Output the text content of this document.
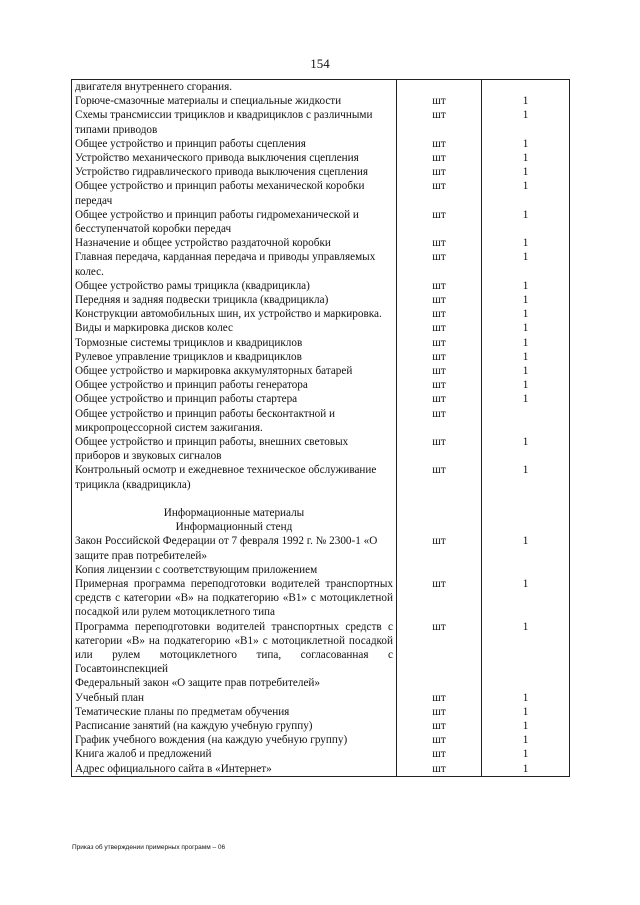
154
двигателя внутреннего сгорания.		
Горюче-смазочные материалы и специальные жидкости	шт	1
Схемы трансмиссии трициклов и квадрициклов с различными типами приводов	шт	1
Общее устройство и принцип работы сцепления	шт	1
Устройство механического привода выключения сцепления	шт	1
Устройство гидравлического привода выключения сцепления	шт	1
Общее устройство и принцип работы механической коробки передач	шт	1
Общее устройство и принцип работы гидромеханической и бесступенчатой коробки передач	шт	1
Назначение и общее устройство раздаточной коробки	шт	1
Главная передача, карданная передача и приводы управляемых колес.	шт	1
Общее устройство рамы трицикла (квадрицикла)	шт	1
Передняя и задняя подвески трицикла (квадрицикла)	шт	1
Конструкции автомобильных шин, их устройство и маркировка.	шт	1
Виды и маркировка дисков колес	шт	1
Тормозные системы трициклов и квадрициклов	шт	1
Рулевое управление трициклов и квадрициклов	шт	1
Общее устройство и маркировка аккумуляторных батарей	шт	1
Общее устройство и принцип работы генератора	шт	1
Общее устройство и принцип работы стартера	шт	1
Общее устройство и принцип работы бесконтактной и микропроцессорной систем зажигания.	шт	
Общее устройство и принцип работы, внешних световых приборов и звуковых сигналов	шт	1
Контрольный осмотр и ежедневное техническое обслуживание трицикла (квадрицикла)	шт	1

Информационные материалы		
Информационный стенд		
Закон Российской Федерации от 7 февраля 1992 г. № 2300-1 «О защите прав потребителей»	шт	1
Копия лицензии с соответствующим приложением		
Примерная программа переподготовки водителей транспортных средств с категории «B» на подкатегорию «B1» с мотоциклетной посадкой или рулем мотоциклетного типа	шт	1
Программа переподготовки водителей транспортных средств с категории «B» на подкатегорию «B1» с мотоциклетной посадкой или рулем мотоциклетного типа, согласованная с Госавтоинспекцией	шт	1
Федеральный закон «О защите прав потребителей»		
Учебный план	шт	1
Тематические планы по предметам обучения	шт	1
Расписание занятий (на каждую учебную группу)	шт	1
График учебного вождения (на каждую учебную группу)	шт	1
Книга жалоб и предложений	шт	1
Адрес официального сайта в «Интернет»	шт	1
Приказ об утверждении примерных программ – 06
